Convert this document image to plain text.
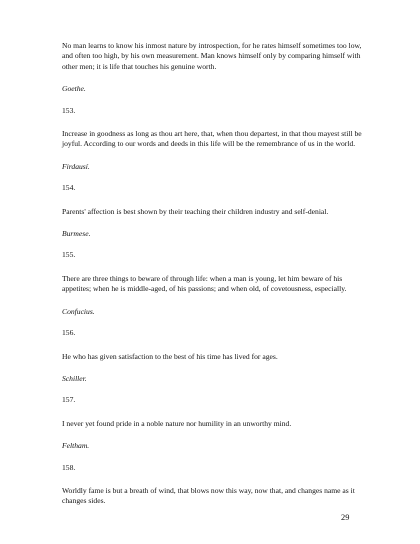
No man learns to know his inmost nature by introspection, for he rates himself sometimes too low, and often too high, by his own measurement. Man knows himself only by comparing himself with other men; it is life that touches his genuine worth.

Goethe.

153.

Increase in goodness as long as thou art here, that, when thou departest, in that thou mayest still be joyful. According to our words and deeds in this life will be the remembrance of us in the world.

Firdausí.

154.

Parents' affection is best shown by their teaching their children industry and self-denial.

Burmese.

155.

There are three things to beware of through life: when a man is young, let him beware of his appetites; when he is middle-aged, of his passions; and when old, of covetousness, especially.

Confucius.

156.

He who has given satisfaction to the best of his time has lived for ages.

Schiller.

157.

I never yet found pride in a noble nature nor humility in an unworthy mind.

Feltham.

158.

Worldly fame is but a breath of wind, that blows now this way, now that, and changes name as it changes sides.

29
